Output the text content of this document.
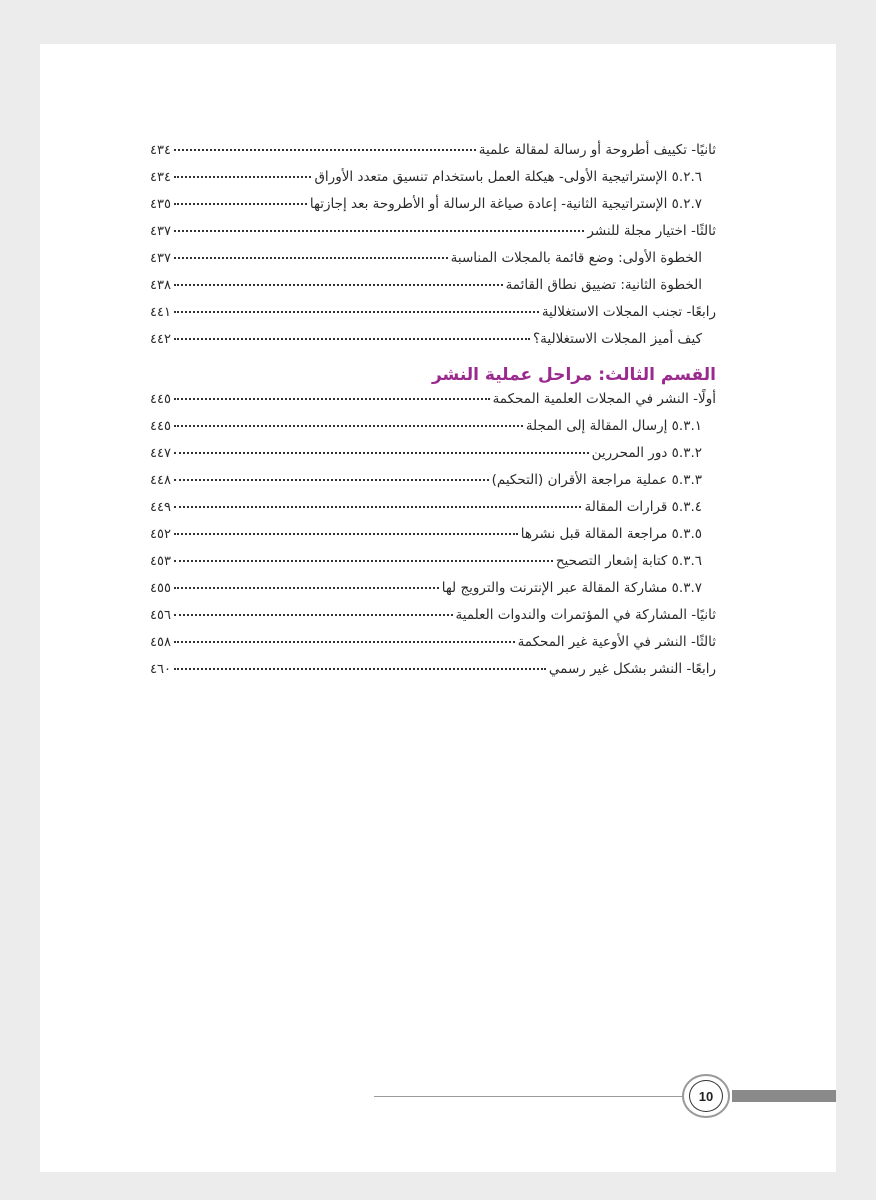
ثانيًا- تكييف أطروحة أو رسالة لمقالة علمية
٤٣٤
٥.٢.٦ الإستراتيجية الأولى- هيكلة العمل باستخدام تنسيق متعدد الأوراق
٤٣٤
٥.٢.٧ الإستراتيجية الثانية- إعادة صياغة الرسالة أو الأطروحة بعد إجازتها
٤٣٥
ثالثًا- اختيار مجلة للنشر
٤٣٧
الخطوة الأولى: وضع قائمة بالمجلات المناسبة
٤٣٧
الخطوة الثانية: تضييق نطاق القائمة
٤٣٨
رابعًا- تجنب المجلات الاستغلالية
٤٤١
كيف أميز المجلات الاستغلالية؟
٤٤٢
القسم الثالث: مراحل عملية النشر
أولًا- النشر في المجلات العلمية المحكمة
٤٤٥
٥.٣.١ إرسال المقالة إلى المجلة
٤٤٥
٥.٣.٢ دور المحررين
٤٤٧
٥.٣.٣ عملية مراجعة الأقران (التحكيم)
٤٤٨
٥.٣.٤ قرارات المقالة
٤٤٩
٥.٣.٥ مراجعة المقالة قبل نشرها
٤٥٢
٥.٣.٦ كتابة إشعار التصحيح
٤٥٣
٥.٣.٧ مشاركة المقالة عبر الإنترنت والترويج لها
٤٥٥
ثانيًا- المشاركة في المؤتمرات والندوات العلمية
٤٥٦
ثالثًا- النشر في الأوعية غير المحكمة
٤٥٨
رابعًا- النشر بشكل غير رسمي
٤٦٠
10
